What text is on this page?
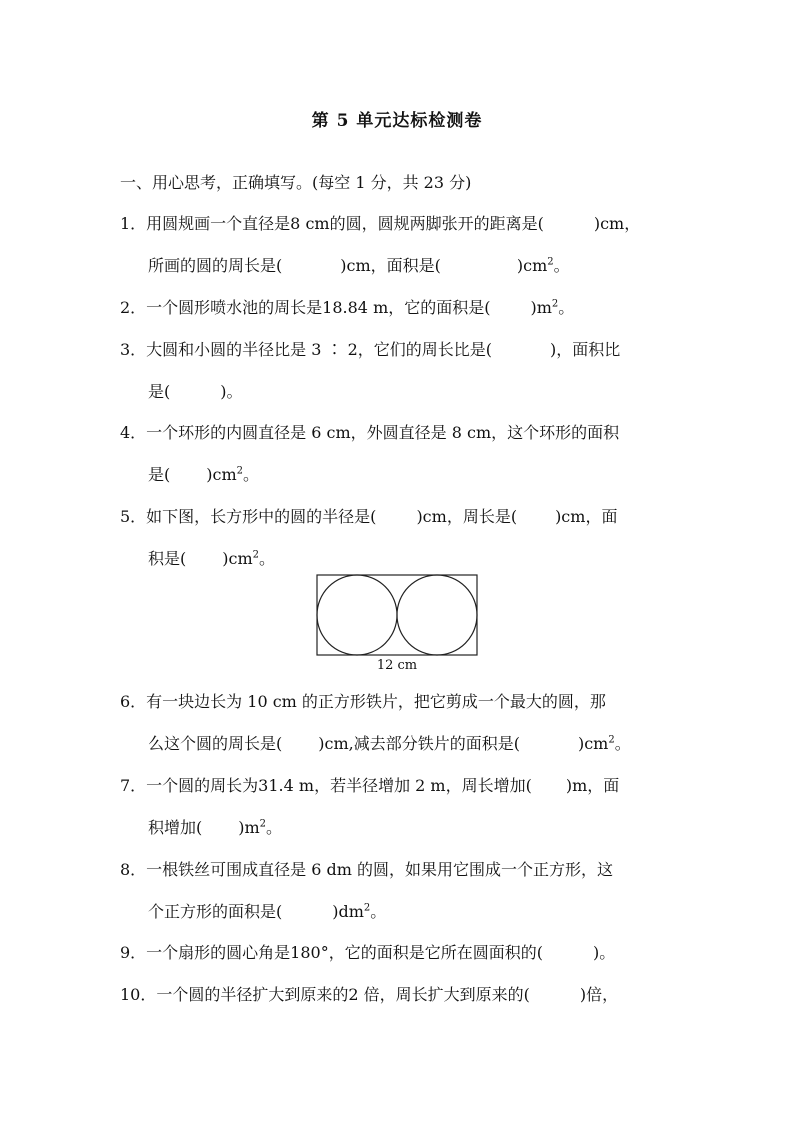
第 5 单元达标检测卷
一、用心思考，正确填写。(每空 1 分，共 23 分)
1．用圆规画一个直径是8 cm的圆，圆规两脚张开的距离是(	)cm，
所画的圆的周长是(	)cm，面积是(	)$cm^2$。
2．一个圆形喷水池的周长是18.84 m，它的面积是(	)$m^2$。
3．大圆和小圆的半径比是 3 ∶ 2，它们的周长比是(	)，面积比
是(	)。
4．一个环形的内圆直径是 6 cm，外圆直径是 8 cm，这个环形的面积
是( )$cm^2$。
5．如下图，长方形中的圆的半径是(	)cm，周长是( )cm，面
积是( )$cm^2$。
12 cm
6．有一块边长为 10 cm 的正方形铁片，把它剪成一个最大的圆，那
么这个圆的周长是( )cm,减去部分铁片的面积是(	)$cm^2$。
7．一个圆的周长为31.4 m，若半径增加 2 m，周长增加( )m，面
积增加( )$m^2$。
8．一根铁丝可围成直径是 6 dm 的圆，如果用它围成一个正方形，这
个正方形的面积是(	)$dm^2$。
9．一个扇形的圆心角是180°，它的面积是它所在圆面积的(	)。
10．一个圆的半径扩大到原来的2 倍，周长扩大到原来的(	)倍，
